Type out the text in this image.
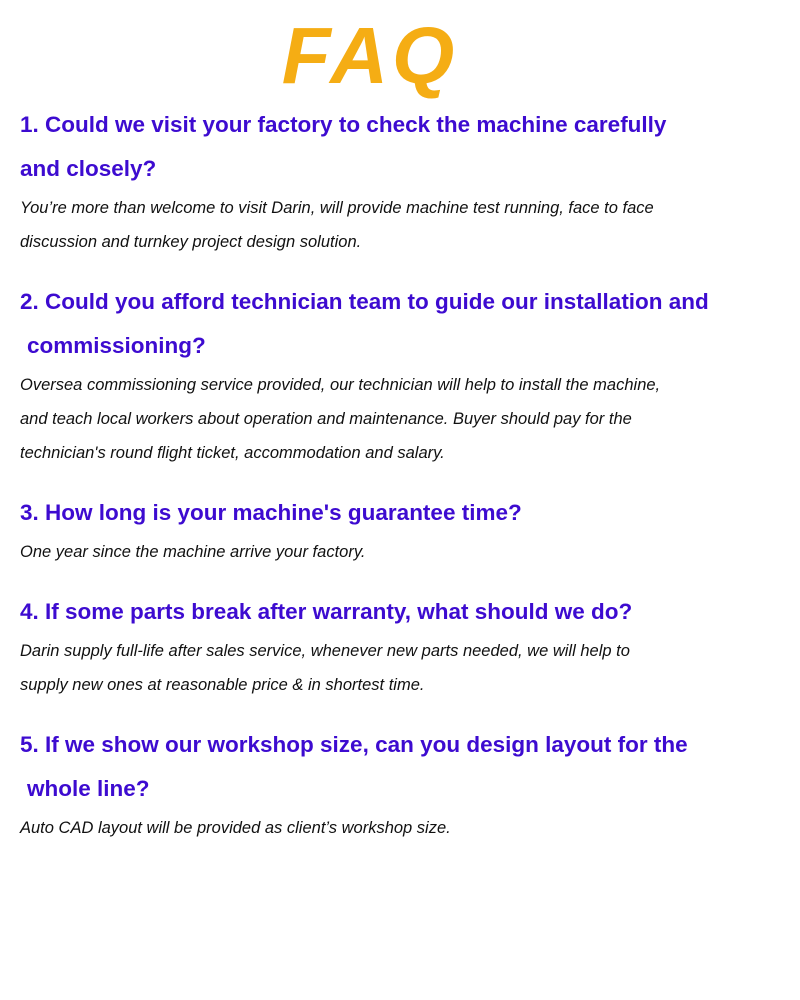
FAQ
1. Could we visit your factory to check the machine carefully
and closely?
You’re more than welcome to visit Darin, will provide machine test running, face to face
discussion and turnkey project design solution.
2. Could you afford technician team to guide our installation and
commissioning?
Oversea commissioning service provided, our technician will help to install the machine,
and teach local workers about operation and maintenance. Buyer should pay for the
technician's round flight ticket, accommodation and salary.
3. How long is your machine's guarantee time?
One year since the machine arrive your factory.
4. If some parts break after warranty, what should we do?
Darin supply full-life after sales service, whenever new parts needed, we will help to
supply new ones at reasonable price & in shortest time.
5. If we show our workshop size, can you design layout for the
whole line?
Auto CAD layout will be provided as client’s workshop size.
